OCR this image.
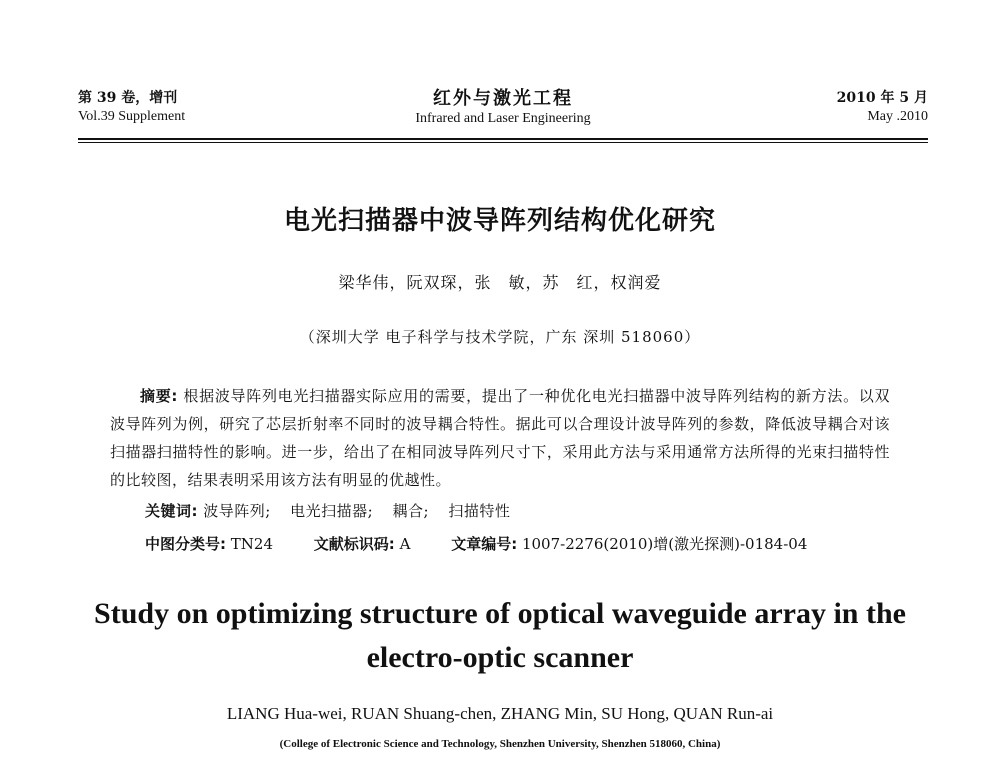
第 39 卷，增刊
Vol.39 Supplement
红外与激光工程
Infrared and Laser Engineering
2010 年 5 月
May .2010
电光扫描器中波导阵列结构优化研究
梁华伟，阮双琛，张　敏，苏　红，权润爱
（深圳大学 电子科学与技术学院，广东 深圳 518060）
摘要: 根据波导阵列电光扫描器实际应用的需要，提出了一种优化电光扫描器中波导阵列结构的新方法。以双波导阵列为例，研究了芯层折射率不同时的波导耦合特性。据此可以合理设计波导阵列的参数，降低波导耦合对该扫描器扫描特性的影响。进一步，给出了在相同波导阵列尺寸下，采用此方法与采用通常方法所得的光束扫描特性的比较图，结果表明采用该方法有明显的优越性。
关键词: 波导阵列; 电光扫描器; 耦合; 扫描特性
中图分类号: TN24	文献标识码: A	文章编号: 1007-2276(2010)增(激光探测)-0184-04
Study on optimizing structure of optical waveguide array in the
electro-optic scanner
LIANG Hua-wei, RUAN Shuang-chen, ZHANG Min, SU Hong, QUAN Run-ai
(College of Electronic Science and Technology, Shenzhen University, Shenzhen 518060, China)
